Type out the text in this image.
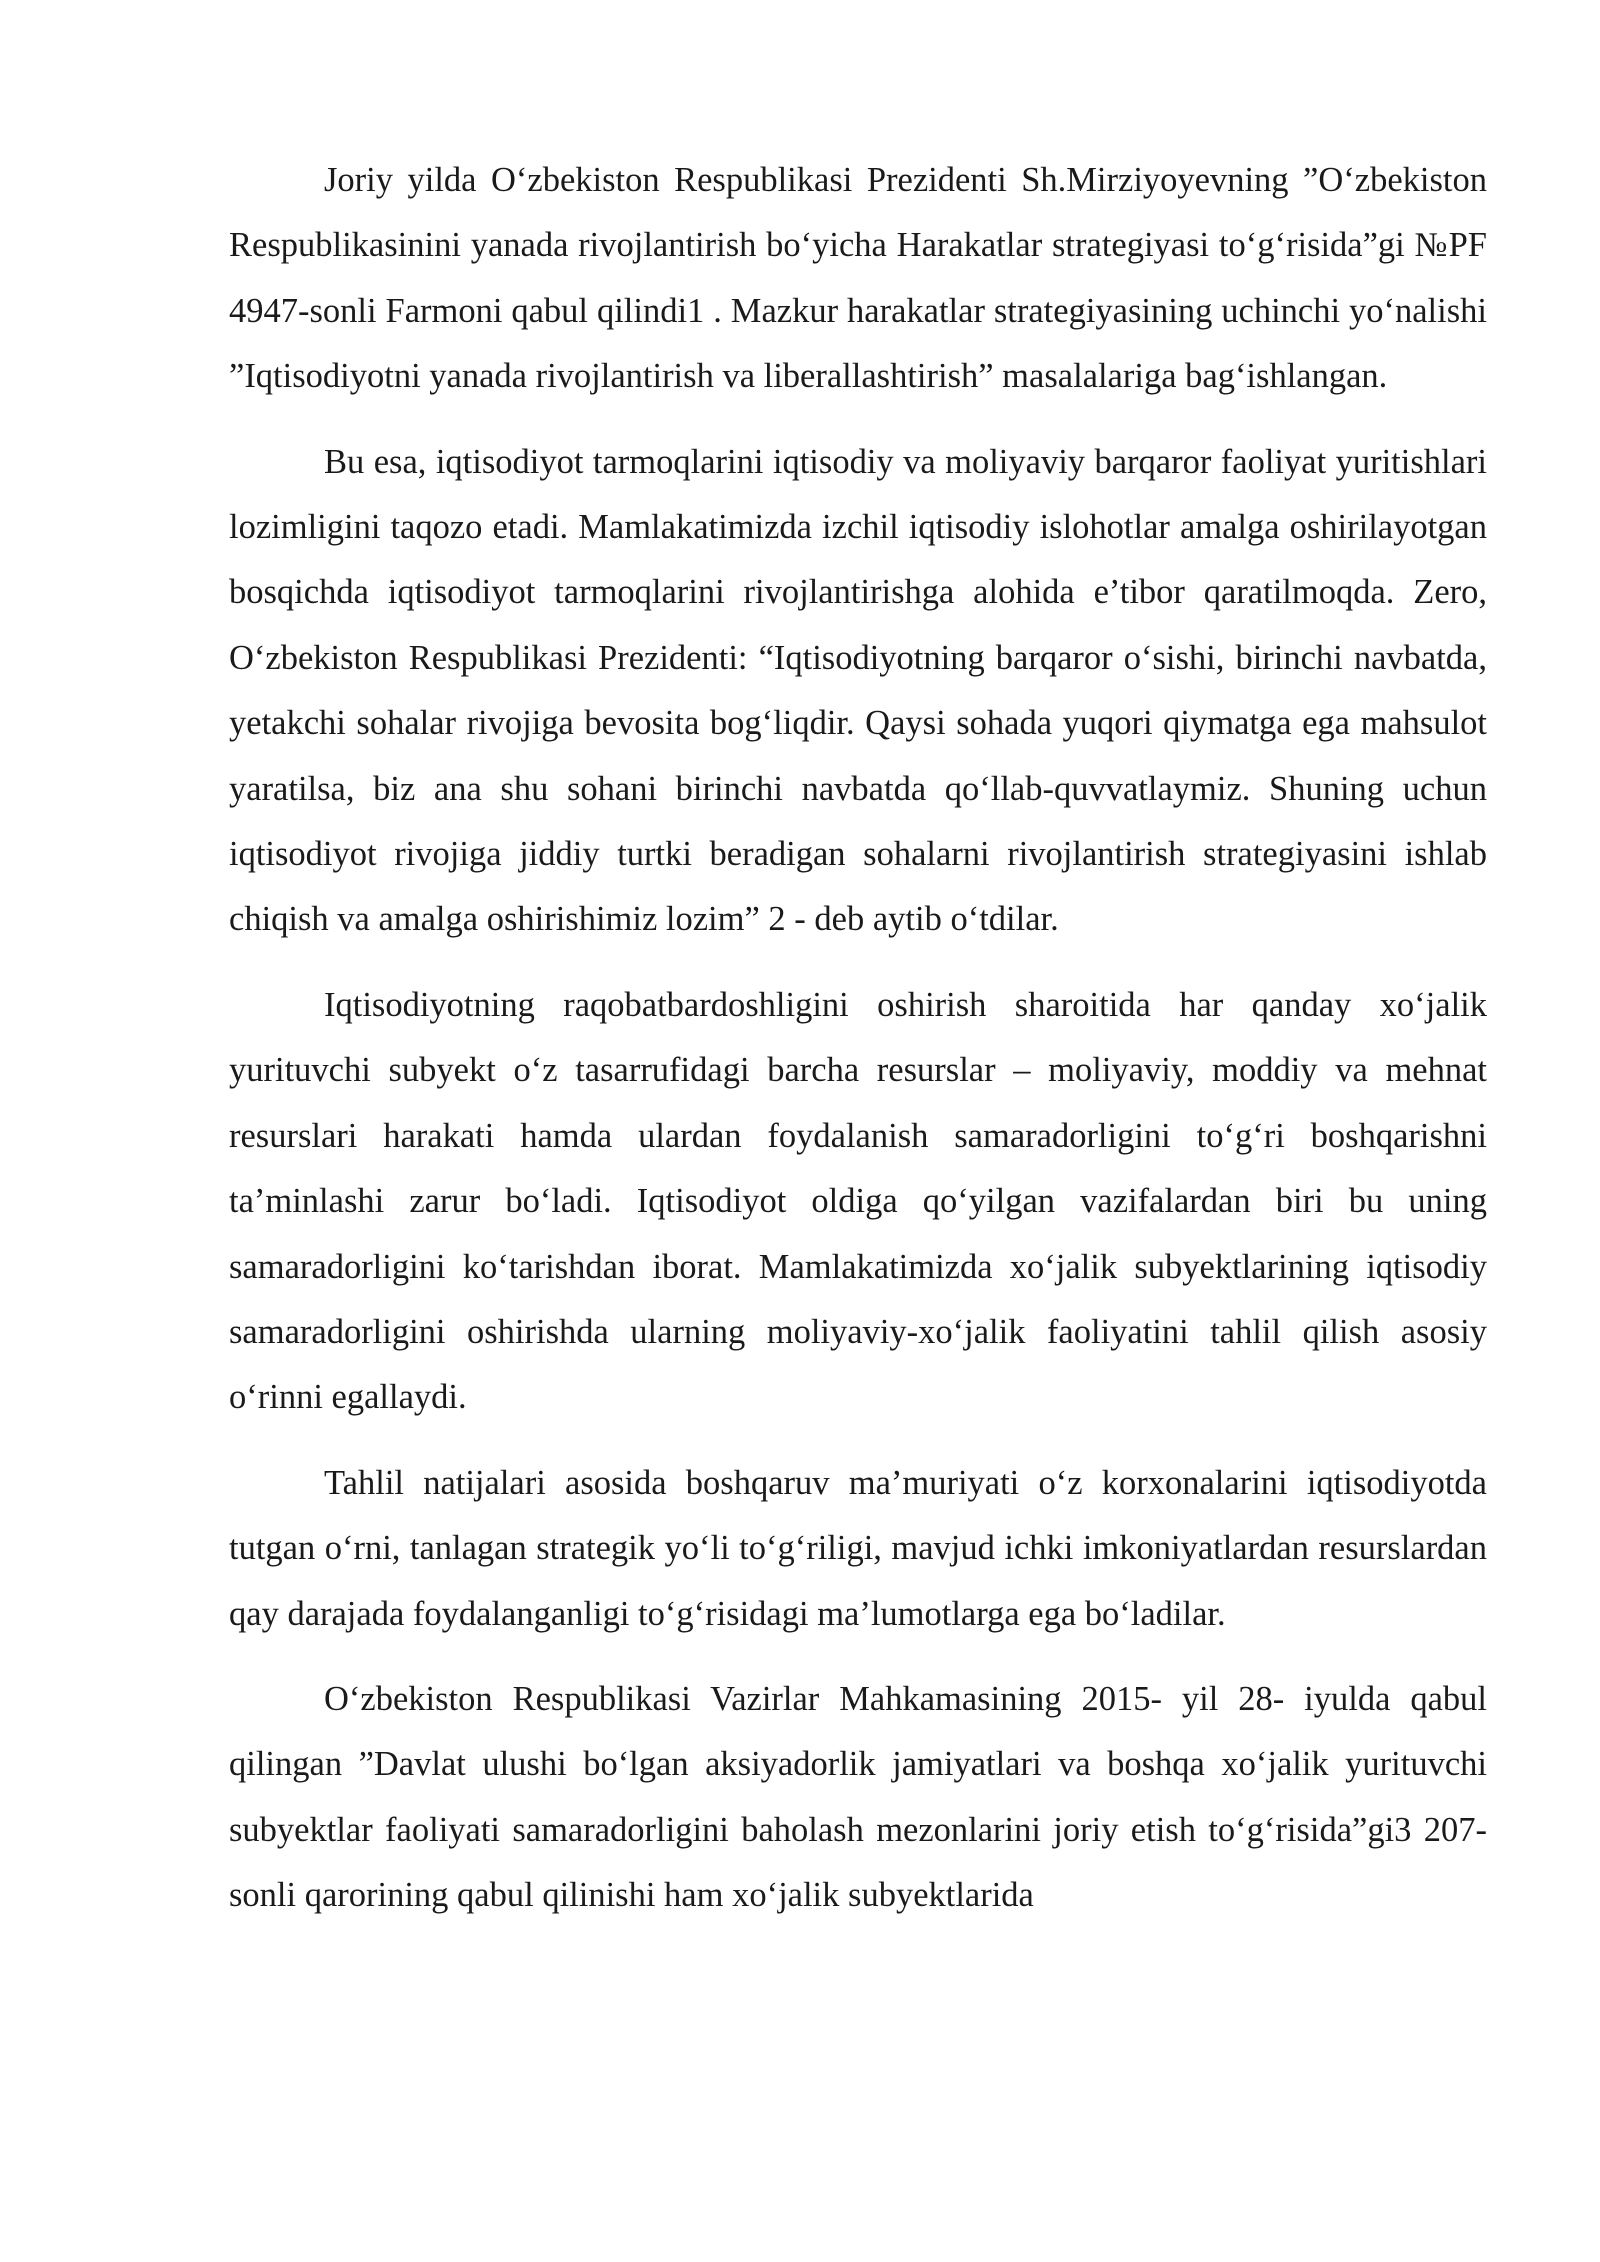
Joriy yilda O‘zbekiston Respublikasi Prezidenti Sh.Mirziyoyevning ”O‘zbekiston Respublikasinini yanada rivojlantirish bo‘yicha Harakatlar strategiyasi to‘g‘risida”gi №PF 4947-sonli Farmoni qabul qilindi1 . Mazkur harakatlar strategiyasining uchinchi yo‘nalishi ”Iqtisodiyotni yanada rivojlantirish va liberallashtirish” masalalariga bag‘ishlangan.

Bu esa, iqtisodiyot tarmoqlarini iqtisodiy va moliyaviy barqaror faoliyat yuritishlari lozimligini taqozo etadi. Mamlakatimizda izchil iqtisodiy islohotlar amalga oshirilayotgan bosqichda iqtisodiyot tarmoqlarini rivojlantirishga alohida e’tibor qaratilmoqda. Zero, O‘zbekiston Respublikasi Prezidenti: “Iqtisodiyotning barqaror o‘sishi, birinchi navbatda, yetakchi sohalar rivojiga bevosita bog‘liqdir. Qaysi sohada yuqori qiymatga ega mahsulot yaratilsa, biz ana shu sohani birinchi navbatda qo‘llab-quvvatlaymiz. Shuning uchun iqtisodiyot rivojiga jiddiy turtki beradigan sohalarni rivojlantirish strategiyasini ishlab chiqish va amalga oshirishimiz lozim” 2 - deb aytib o‘tdilar.

Iqtisodiyotning raqobatbardoshligini oshirish sharoitida har qanday xo‘jalik yurituvchi subyekt o‘z tasarrufidagi barcha resurslar – moliyaviy, moddiy va mehnat resurslari harakati hamda ulardan foydalanish samaradorligini to‘g‘ri boshqarishni ta’minlashi zarur bo‘ladi. Iqtisodiyot oldiga qo‘yilgan vazifalardan biri bu uning samaradorligini ko‘tarishdan iborat. Mamlakatimizda xo‘jalik subyektlarining iqtisodiy samaradorligini oshirishda ularning moliyaviy-xo‘jalik faoliyatini tahlil qilish asosiy o‘rinni egallaydi.

Tahlil natijalari asosida boshqaruv ma’muriyati o‘z korxonalarini iqtisodiyotda tutgan o‘rni, tanlagan strategik yo‘li to‘g‘riligi, mavjud ichki imkoniyatlardan resurslardan qay darajada foydalanganligi to‘g‘risidagi ma’lumotlarga ega bo‘ladilar.

O‘zbekiston Respublikasi Vazirlar Mahkamasining 2015- yil 28- iyulda qabul qilingan ”Davlat ulushi bo‘lgan aksiyadorlik jamiyatlari va boshqa xo‘jalik yurituvchi subyektlar faoliyati samaradorligini baholash mezonlarini joriy etish to‘g‘risida”gi3 207-sonli qarorining qabul qilinishi ham xo‘jalik subyektlarida
